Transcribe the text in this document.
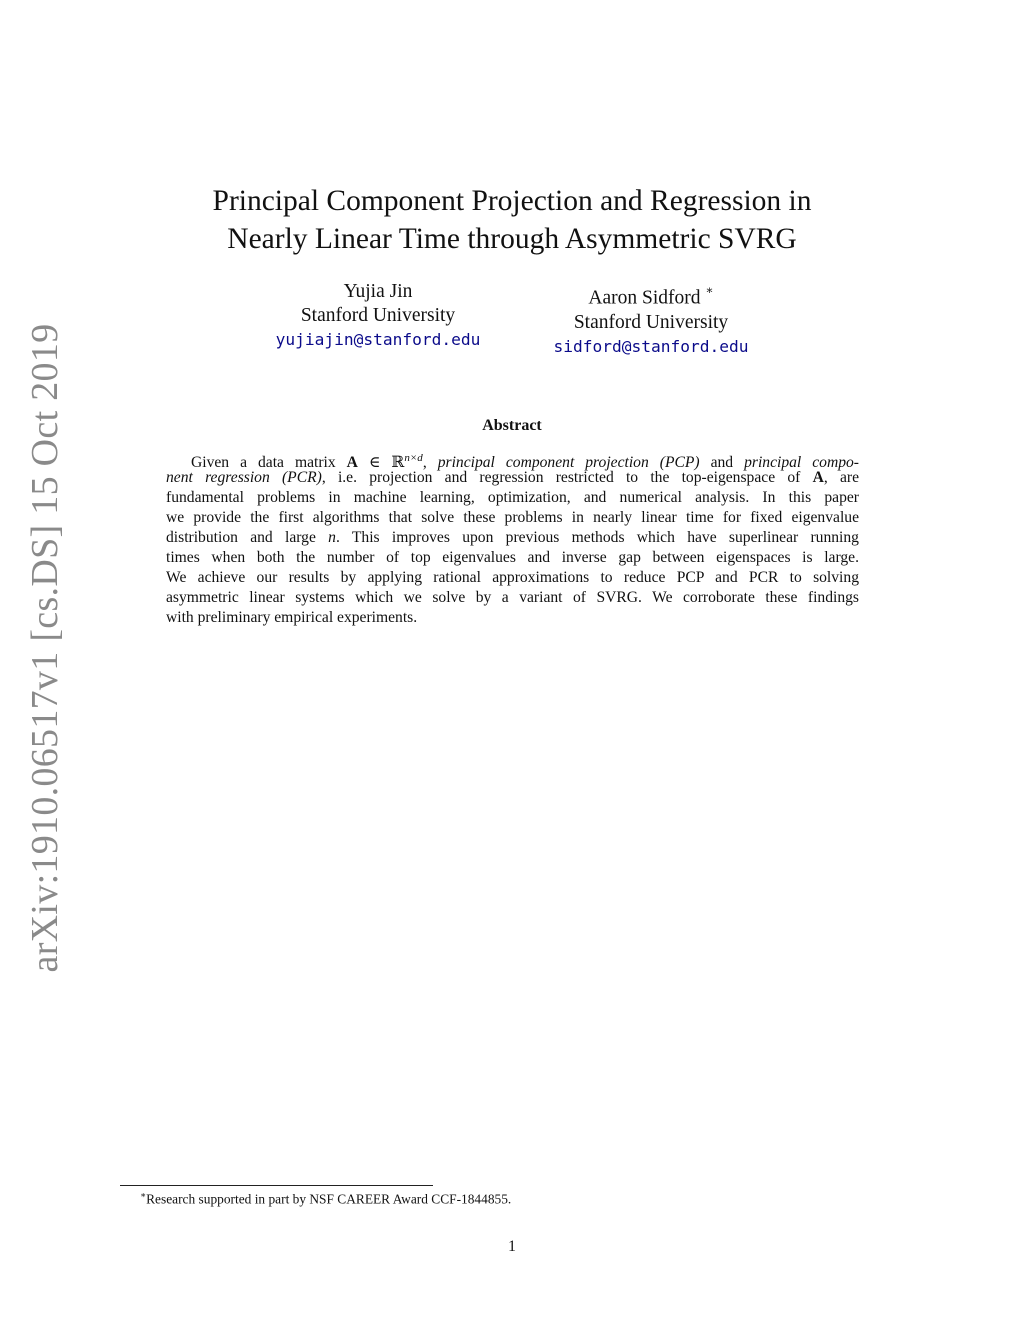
arXiv:1910.06517v1 [cs.DS] 15 Oct 2019
Principal Component Projection and Regression in
Nearly Linear Time through Asymmetric SVRG
Yujia Jin
Stanford University
yujiajin@stanford.edu
Aaron Sidford ∗
Stanford University
sidford@stanford.edu
Abstract
Given a data matrix A ∈ ℝ$^{n\times d}$, principal component projection (PCP) and principal compo-
nent regression (PCR), i.e. projection and regression restricted to the top-eigenspace of A, are
fundamental problems in machine learning, optimization, and numerical analysis. In this paper
we provide the first algorithms that solve these problems in nearly linear time for fixed eigenvalue
distribution and large n. This improves upon previous methods which have superlinear running
times when both the number of top eigenvalues and inverse gap between eigenspaces is large.
We achieve our results by applying rational approximations to reduce PCP and PCR to solving
asymmetric linear systems which we solve by a variant of SVRG. We corroborate these findings
with preliminary empirical experiments.
∗Research supported in part by NSF CAREER Award CCF-1844855.
1
